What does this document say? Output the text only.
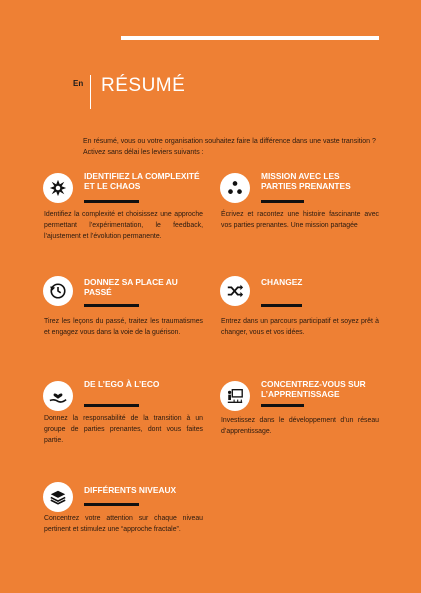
En RÉSUMÉ
En résumé, vous ou votre organisation souhaitez faire la différence dans une vaste transition ? Activez sans délai les leviers suivants :
IDENTIFIEZ LA COMPLEXITÉ ET LE CHAOS
Identifiez la complexité et choisissez une approche permettant l’expérimentation, le feedback, l’ajustement et l’évolution permanente.
MISSION AVEC LES PARTIES PRENANTES
Écrivez et racontez une histoire fascinante avec vos parties prenantes. Une mission partagée
DONNEZ SA PLACE AU PASSÉ
Tirez les leçons du passé, traitez les traumatismes et engagez vous dans la voie de la guérison.
CHANGEZ
Entrez dans un parcours participatif et soyez prêt à changer, vous et vos idées.
DE L’EGO À L’ECO
Donnez la responsabilité de la transition à un groupe de parties prenantes, dont vous faites partie.
CONCENTREZ-VOUS SUR L’APPRENTISSAGE
Investissez dans le développement d’un réseau d’apprentissage.
DIFFÉRENTS NIVEAUX
Concentrez votre attention sur chaque niveau pertinent et stimulez une “approche fractale”.
